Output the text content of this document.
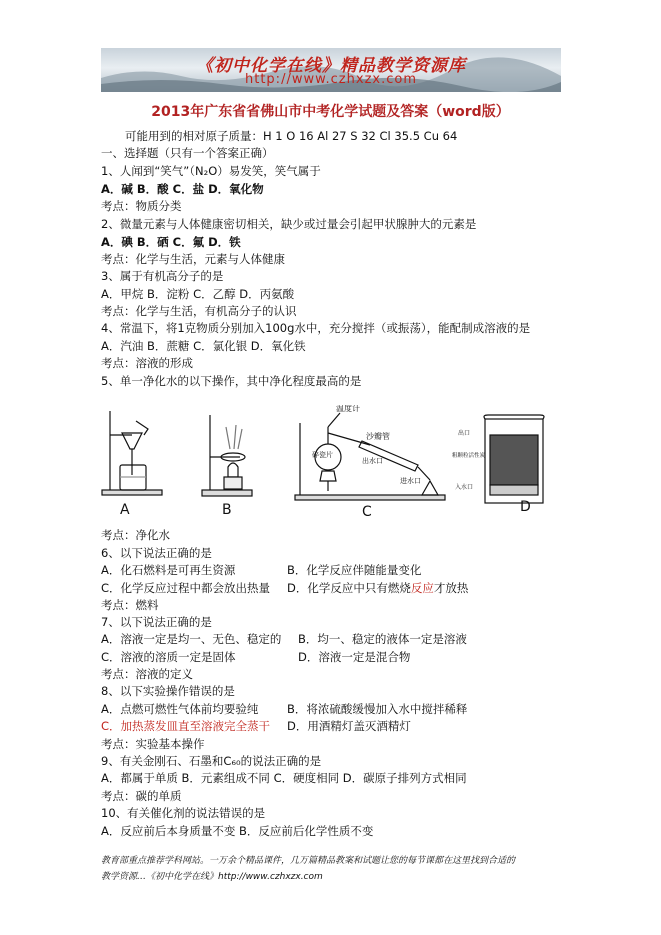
《初中化学在线》精品教学资源库
http://www.czhxzx.com
2013年广东省省佛山市中考化学试题及答案（word版）
可能用到的相对原子质量：H 1 O 16 Al 27 S 32 Cl 35.5 Cu 64
一、选择题（只有一个答案正确）
1、人闻到“笑气”（N₂O）易发笑，笑气属于
A．碱 B．酸 C．盐 D．氧化物
考点：物质分类
2、微量元素与人体健康密切相关，缺少或过量会引起甲状腺肿大的元素是
A．碘 B．硒 C．氟 D．铁
考点：化学与生活，元素与人体健康
3、属于有机高分子的是
A．甲烷 B．淀粉 C．乙醇 D．丙氨酸
考点：化学与生活，有机高分子的认识
4、常温下，将1克物质分别加入100g水中，充分搅拌（或振荡），能配制成溶液的是
A．汽油 B．蔗糖 C．氯化银 D．氧化铁
考点：溶液的形成
5、单一净化水的以下操作，其中净化程度最高的是
温度计
沙瓣管
碎瓷片
出水口
进水口
出口
粗颗粒活性炭
入水口
A	B	C	D
考点：净化水
6、以下说法正确的是
A．化石燃料是可再生资源	B．化学反应伴随能量变化
C．化学反应过程中都会放出热量 D．化学反应中只有燃烧反应才放热
考点：燃料
7、以下说法正确的是
A．溶液一定是均一、无色、稳定的 B．均一、稳定的液体一定是溶液
C．溶液的溶质一定是固体	D．溶液一定是混合物
考点：溶液的定义
8、以下实验操作错误的是
A．点燃可燃性气体前均要验纯 B．将浓硫酸缓慢加入水中搅拌稀释
C．加热蒸发皿直至溶液完全蒸干 D．用酒精灯盖灭酒精灯
考点：实验基本操作
9、有关金刚石、石墨和C₆₀的说法正确的是
A．都属于单质 B．元素组成不同 C．硬度相同 D．碳原子排列方式相同
考点：碳的单质
10、有关催化剂的说法错误的是
A．反应前后本身质量不变 B．反应前后化学性质不变
教育部重点推荐学科网站。一万余个精品课件，几万篇精品教案和试题让您的每节课都在这里找到合适的
教学资源…《初中化学在线》http://www.czhxzx.com
